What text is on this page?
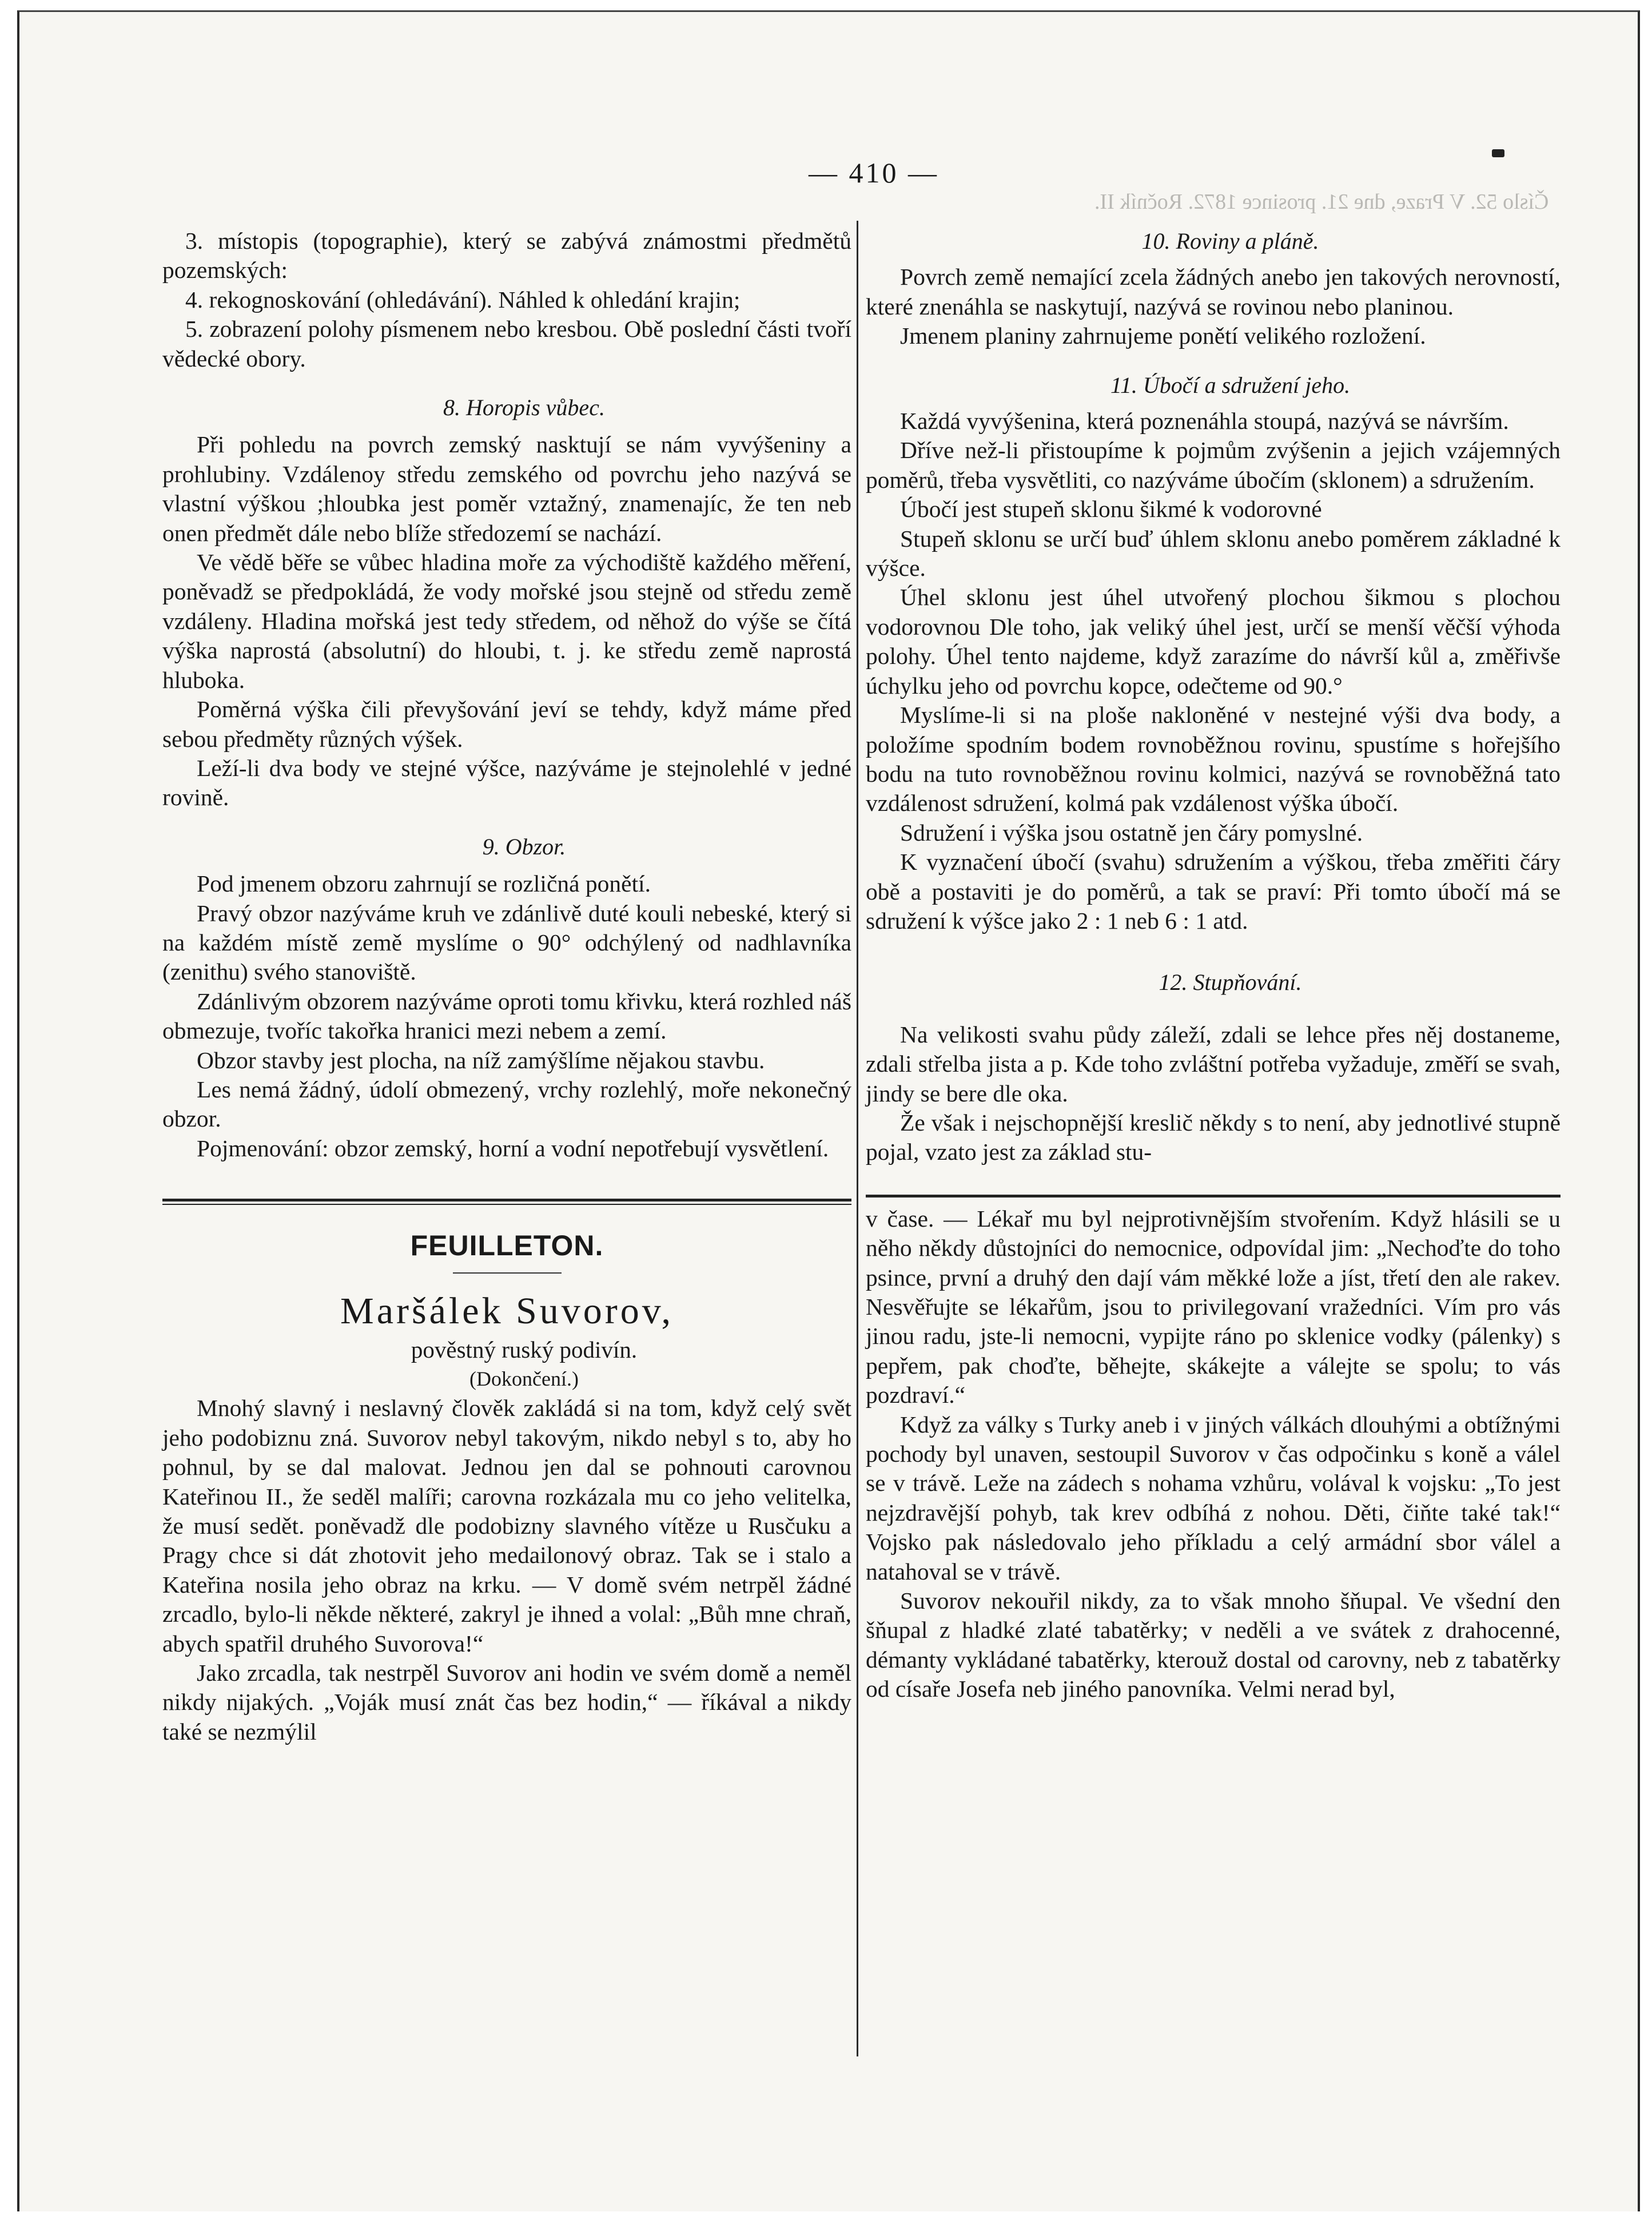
Číslo 52. V Praze, dne 21. prosince 1872. Ročník II.
— 410 —

3. místopis (topographie), který se zabývá známostmi předmětů pozemských:

4. rekognoskování (ohledávání). Náhled k ohledání krajin;

5. zobrazení polohy písmenem nebo kresbou. Obě poslední části tvoří vědecké obory.

8. Horopis vůbec.

Při pohledu na povrch zemský nasktují se nám vyvýšeniny a prohlubiny. Vzdálenoy středu zemského od povrchu jeho nazývá se vlastní výškou ;hloubka jest poměr vztažný, znamenajíc, že ten neb onen předmět dále nebo blíže středozemí se nachází.

Ve vědě běře se vůbec hladina moře za východiště každého měření, poněvadž se předpokládá, že vody mořské jsou stejně od středu země vzdáleny. Hladina mořská jest tedy středem, od něhož do výše se čítá výška naprostá (absolutní) do hloubi, t. j. ke středu země naprostá hluboka.

Poměrná výška čili převyšování jeví se tehdy, když máme před sebou předměty různých výšek.

Leží-li dva body ve stejné výšce, nazýváme je stejnolehlé v jedné rovině.

9. Obzor.

Pod jmenem obzoru zahrnují se rozličná ponětí.

Pravý obzor nazýváme kruh ve zdánlivě duté kouli nebeské, který si na každém místě země myslíme o 90° odchýlený od nadhlavníka (zenithu) svého stanoviště.

Zdánlivým obzorem nazýváme oproti tomu křivku, která rozhled náš obmezuje, tvoříc takořka hranici mezi nebem a zemí.

Obzor stavby jest plocha, na níž zamýšlíme nějakou stavbu.

Les nemá žádný, údolí obmezený, vrchy rozlehlý, moře nekonečný obzor.

Pojmenování: obzor zemský, horní a vodní nepotřebují vysvětlení.

FEUILLETON.
Maršálek Suvorov,

pověstný ruský podivín.

(Dokončení.)

Mnohý slavný i neslavný člověk zakládá si na tom, když celý svět jeho podobiznu zná. Suvorov nebyl takovým, nikdo nebyl s to, aby ho pohnul, by se dal malovat. Jednou jen dal se pohnouti carovnou Kateřinou II., že seděl malíři; carovna rozkázala mu co jeho velitelka, že musí sedět. poněvadž dle podobizny slavného vítěze u Rusčuku a Pragy chce si dát zhotovit jeho medailonový obraz. Tak se i stalo a Kateřina nosila jeho obraz na krku. — V domě svém netrpěl žádné zrcadlo, bylo-li někde některé, zakryl je ihned a volal: „Bůh mne chraň, abych spatřil druhého Suvorova!“

Jako zrcadla, tak nestrpěl Suvorov ani hodin ve svém domě a neměl nikdy nijakých. „Voják musí znát čas bez hodin,“ — říkával a nikdy také se nezmýlil

10. Roviny a pláně.

Povrch země nemající zcela žádných anebo jen takových nerovností, které znenáhla se naskytují, nazývá se rovinou nebo planinou.

Jmenem planiny zahrnujeme ponětí velikého rozložení.

11. Úbočí a sdružení jeho.

Každá vyvýšenina, která poznenáhla stoupá, nazývá se návrším.

Dříve než-li přistoupíme k pojmům zvýšenin a jejich vzájemných poměrů, třeba vysvětliti, co nazýváme úbočím (sklonem) a sdružením.

Úbočí jest stupeň sklonu šikmé k vodorovné

Stupeň sklonu se určí buď úhlem sklonu anebo poměrem základné k výšce.

Úhel sklonu jest úhel utvořený plochou šikmou s plochou vodorovnou Dle toho, jak veliký úhel jest, určí se menší věčší výhoda polohy. Úhel tento najdeme, když zarazíme do návrší kůl a, změřivše úchylku jeho od povrchu kopce, odečteme od 90.°

Myslíme-li si na ploše nakloněné v nestejné výši dva body, a položíme spodním bodem rovnoběžnou rovinu, spustíme s hořejšího bodu na tuto rovnoběžnou rovinu kolmici, nazývá se rovnoběžná tato vzdálenost sdružení, kolmá pak vzdálenost výška úbočí.

Sdružení i výška jsou ostatně jen čáry pomyslné.

K vyznačení úbočí (svahu) sdružením a výškou, třeba změřiti čáry obě a postaviti je do poměrů, a tak se praví: Při tomto úbočí má se sdružení k výšce jako 2 : 1 neb 6 : 1 atd.

12. Stupňování.

Na velikosti svahu půdy záleží, zdali se lehce přes něj dostaneme, zdali střelba jista a p. Kde toho zvláštní potřeba vyžaduje, změří se svah, jindy se bere dle oka.

Že však i nejschopnější kreslič někdy s to není, aby jednotlivé stupně pojal, vzato jest za základ stu-

v čase. — Lékař mu byl nejprotivnějším stvořením. Když hlásili se u něho někdy důstojníci do nemocnice, odpovídal jim: „Nechoďte do toho psince, první a druhý den dají vám měkké lože a jíst, třetí den ale rakev. Nesvěřujte se lékařům, jsou to privilegovaní vražedníci. Vím pro vás jinou radu, jste-li nemocni, vypijte ráno po sklenice vodky (pálenky) s pepřem, pak choďte, běhejte, skákejte a válejte se spolu; to vás pozdraví.“

Když za války s Turky aneb i v jiných válkách dlouhými a obtížnými pochody byl unaven, sestoupil Suvorov v čas odpočinku s koně a válel se v trávě. Leže na zádech s nohama vzhůru, volával k vojsku: „To jest nejzdravější pohyb, tak krev odbíhá z nohou. Děti, čiňte také tak!“ Vojsko pak následovalo jeho příkladu a celý armádní sbor válel a natahoval se v trávě.

Suvorov nekouřil nikdy, za to však mnoho šňupal. Ve všední den šňupal z hladké zlaté tabatěrky; v neděli a ve svátek z drahocenné, démanty vykládané tabatěrky, kterouž dostal od carovny, neb z tabatěrky od císaře Josefa neb jiného panovníka. Velmi nerad byl,
